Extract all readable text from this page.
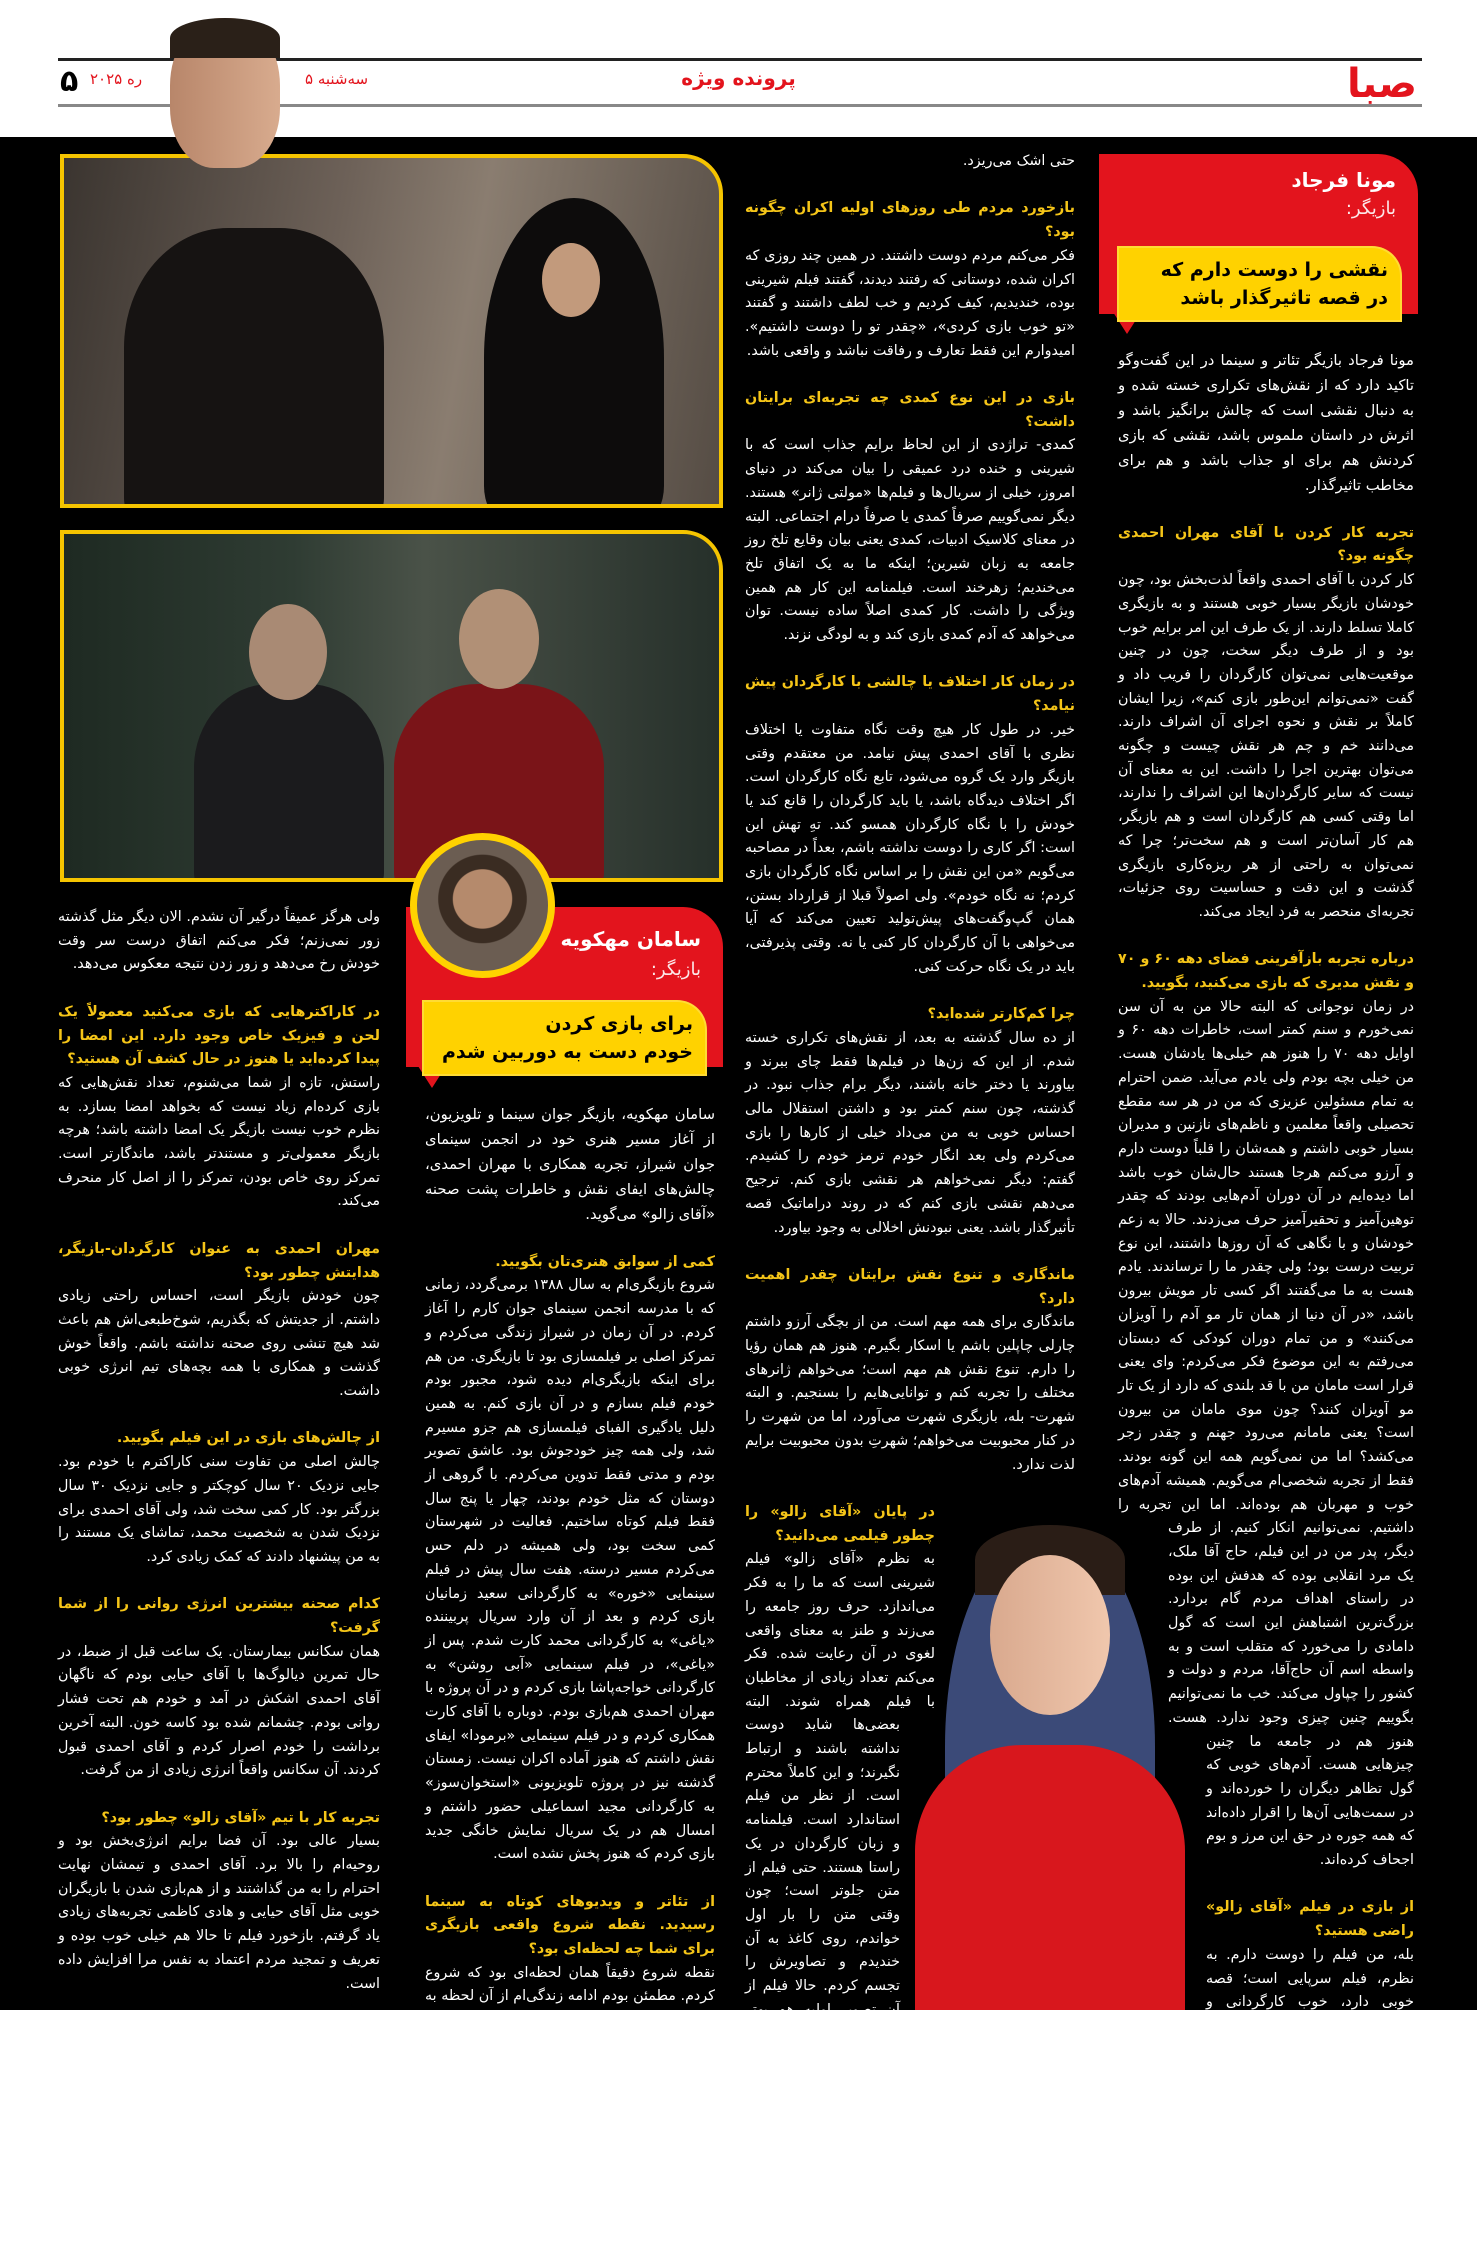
صبا
پرونده ویژه
سه‌شنبه ۵
ره ۲۰۲۵
۵
مونا فرجاد
بازیگر:
نقشی را دوست دارم که
در قصه تاثیرگذار باشد

مونا فرجاد بازیگر تئاتر و سینما در این گفت‌وگو تاکید دارد که از نقش‌های تکراری خسته شده و به دنبال نقشی است که چالش برانگیز باشد و اثرش در داستان ملموس باشد، نقشی که بازی کردنش هم برای او جذاب باشد و هم برای مخاطب تاثیرگذار.

تجربه کار کردن با آقای مهران احمدی چگونه بود؟

کار کردن با آقای احمدی واقعاً لذت‌بخش بود، چون خودشان بازیگر بسیار خوبی هستند و به بازیگری کاملا تسلط دارند. از یک طرف این امر برایم خوب بود و از طرف دیگر سخت، چون در چنین موقعیت‌هایی نمی‌توان کارگردان را فریب داد و گفت «نمی‌توانم این‌طور بازی کنم»، زیرا ایشان کاملاً بر نقش و نحوه اجرای آن اشراف دارند. می‌دانند خم و چم هر نقش چیست و چگونه می‌توان بهترین اجرا را داشت. این به معنای آن نیست که سایر کارگردان‌ها این اشراف را ندارند، اما وقتی کسی هم کارگردان است و هم بازیگر، هم کار آسان‌تر است و هم سخت‌تر؛ چرا که نمی‌توان به راحتی از هر ریزه‌کاری بازیگری گذشت و این دقت و حساسیت روی جزئیات، تجربه‌ای منحصر به فرد ایجاد می‌کند.

درباره تجربه بازآفرینی فضای دهه ۶۰ و ۷۰ و نقش مدیری که بازی می‌کنید، بگویید.

در زمان نوجوانی که البته حالا من به آن سن نمی‌خورم و سنم کمتر است، خاطرات دهه ۶۰ و اوایل دهه ۷۰ را هنوز هم خیلی‌ها یادشان هست. من خیلی بچه بودم ولی یادم می‌آید. ضمن احترام به تمام مسئولین عزیزی که من در هر سه مقطع تحصیلی واقعاً معلمین و ناظم‌های نازنین و مدیران بسیار خوبی داشتم و همه‌شان را قلباً دوست دارم و آرزو می‌کنم هرجا هستند حال‌شان خوب باشد اما دیده‌ایم در آن دوران آدم‌هایی بودند که چقدر توهین‌آمیز و تحقیرآمیز حرف می‌زدند. حالا به زعم خودشان و با نگاهی که آن روزها داشتند، این نوع تربیت درست بود؛ ولی چقدر ما را ترساندند. یادم هست به ما می‌گفتند اگر کسی تار مویش بیرون باشد، «در آن دنیا از همان تار مو آدم را آویزان می‌کنند» و من تمام دوران کودکی که دبستان می‌رفتم به این موضوع فکر می‌کردم: وای یعنی قرار است مامان من با قد بلندی که دارد از یک تار مو آویزان کنند؟ چون موی مامان من بیرون است؟ یعنی مامانم می‌رود جهنم و چقدر زجر می‌کشد؟ اما من نمی‌گویم همه این گونه بودند. فقط از تجربه شخصی‌ام می‌گویم. همیشه آدم‌های خوب و مهربان هم بوده‌اند. اما این تجربه را داشتیم. نمی‌توانیم انکار کنیم. از طرف دیگر، پدر من در این فیلم، حاج آقا ملک، یک مرد انقلابی بوده که هدفش این بوده در راستای اهداف مردم گام بردارد. بزرگ‌ترین اشتباهش این است که گول دامادی را می‌خورد که متقلب است و به واسطه اسم آن حاج‌آقا، مردم و دولت و کشور را چپاول می‌کند. خب ما نمی‌توانیم بگوییم چنین چیزی وجود ندارد. هست. هنوز هم در جامعه ما چنین چیزهایی هست. آدم‌های خوبی که گول تظاهر دیگران را خورده‌اند و در سمت‌هایی آن‌ها را اقرار داده‌اند که همه جوره در حق این مرز و بوم اجحاف کرده‌اند.

از بازی در فیلم «آقای زالو» راضی هستید؟

بله، من فیلم را دوست دارم. به نظرم، فیلم سرپایی است؛ قصه خوبی دارد، خوب کارگردانی و روایت می‌شود. از نظر من بازی‌ها همه تمیز و خوب‌اند. حتی نقش‌هایی که کوتاه‌تر هستند دوست‌داشتنی و ماندگارند. به نظر شخصی من فیلم ما را به فکر می‌برد؛ آدم می‌بیند، فکر می‌کند، جایی غمگین می‌شود و

حتی اشک می‌ریزد.

بازخورد مردم طی روزهای اولیه اکران چگونه بود؟

فکر می‌کنم مردم دوست داشتند. در همین چند روزی که اکران شده، دوستانی که رفتند دیدند، گفتند فیلم شیرینی بوده، خندیدیم، کیف کردیم و خب لطف داشتند و گفتند «تو خوب بازی کردی»، «چقدر تو را دوست داشتیم». امیدوارم این فقط تعارف و رفاقت نباشد و واقعی باشد.

بازی در این نوع کمدی چه تجربه‌ای برایتان داشت؟

کمدی- تراژدی از این لحاظ برایم جذاب است که با شیرینی و خنده درد عمیقی را بیان می‌کند در دنیای امروز، خیلی از سریال‌ها و فیلم‌ها «مولتی ژانر» هستند. دیگر نمی‌گوییم صرفاً کمدی یا صرفاً درام اجتماعی. البته در معنای کلاسیک ادبیات، کمدی یعنی بیان وقایع تلخ روز جامعه به زبان شیرین؛ اینکه ما به یک اتفاق تلخ می‌خندیم؛ زهرخند است. فیلمنامه این کار هم همین ویژگی را داشت. کار کمدی اصلاً ساده نیست. توان می‌خواهد که آدم کمدی بازی کند و به لودگی نزند.

در زمان کار اختلاف یا چالشی با کارگردان پیش نیامد؟

خیر. در طول کار هیچ وقت نگاه متفاوت یا اختلاف نظری با آقای احمدی پیش نیامد. من معتقدم وقتی بازیگر وارد یک گروه می‌شود، تابع نگاه کارگردان است. اگر اختلاف دیدگاه باشد، یا باید کارگردان را قانع کند یا خودش را با نگاه کارگردان همسو کند. تهِ تهش این است: اگر کاری را دوست نداشته باشم، بعداً در مصاحبه می‌گویم «من این نقش را بر اساس نگاه کارگردان بازی کردم؛ نه نگاه خودم». ولی اصولاً قبلا از قرارداد بستن، همان گپ‌وگفت‌های پیش‌تولید تعیین می‌کند که آیا می‌خواهی با آن کارگردان کار کنی یا نه. وقتی پذیرفتی، باید در یک نگاه حرکت کنی.

چرا کم‌کارتر شده‌اید؟

از ده سال گذشته به بعد، از نقش‌های تکراری خسته شدم. از این که زن‌ها در فیلم‌ها فقط چای ببرند و بیاورند یا دختر خانه باشند، دیگر برام جذاب نبود. در گذشته، چون سنم کمتر بود و داشتن استقلال مالی احساس خوبی به من می‌داد خیلی از کارها را بازی می‌کردم ولی بعد انگار خودم ترمز خودم را کشیدم. گفتم: دیگر نمی‌خواهم هر نقشی بازی کنم. ترجیح می‌دهم نقشی بازی کنم که در روند دراماتیک قصه تأثیرگذار باشد. یعنی نبودنش اخلالی به وجود بیاورد.

ماندگاری و تنوع نقش برایتان چقدر اهمیت دارد؟

ماندگاری برای همه مهم است. من از بچگی آرزو داشتم چارلی چاپلین باشم یا اسکار بگیرم. هنوز هم همان رؤیا را دارم. تنوع نقش هم مهم است؛ می‌خواهم ژانرهای مختلف را تجربه کنم و توانایی‌هایم را بسنجیم. و البته شهرت- بله، بازیگری شهرت می‌آورد، اما من شهرت را در کنار محبوبیت می‌خواهم؛ شهرتِ بدون محبوبیت برایم لذت ندارد.

در پایان «آقای زالو» را چطور فیلمی می‌دانید؟

به نظرم «آقای زالو» فیلم شیرینی است که ما را به فکر می‌اندازد. حرف روز جامعه را می‌زند و طنز به معنای واقعی لغوی در آن رعایت شده. فکر می‌کنم تعداد زیادی از مخاطبان با فیلم همراه شوند. البته بعضی‌ها شاید دوست نداشته باشند و ارتباط نگیرند؛ و این کاملاً محترم است. از نظر من فیلم استاندارد است. فیلمنامه و زبان کارگردان در یک راستا هستند. حتی فیلم از متن جلوتر است؛ چون وقتی متن را بار اول خواندم، روی کاغذ به آن خندیدم و تصاویرش را تجسم کردم. حالا فیلم از آن تصویر اولیه هم بهتر شده و این برای من موفقیت است. اگر اشتباه نکنم این فیلم در ۳۱ یا ۳۲ روز با ۳۱ لوکیشن ساخته شده؛ کاری سخت که فقط با همدلی تمام اعضای گروه ممکن بود. بی‌اغراق می‌گویم که این همدلی در همه بود. همه آمده بودند که کار به سرانجام برسد، با حال خوب، با دل خوش. و من این را عمیقاً حس کردم. خلاصه ما با عشق این فیلم را ساختیم. امیدوارم بیننده‌ها ببینند و لذت ببرند.

سامان مهکویه
بازیگر:
برای بازی کردن
خودم دست به دوربین شدم

سامان مهکویه، بازیگر جوان سینما و تلویزیون، از آغاز مسیر هنری خود در انجمن سینمای جوان شیراز، تجربه همکاری با مهران احمدی، چالش‌های ایفای نقش و خاطرات پشت صحنه «آقای زالو» می‌گوید.

کمی از سوابق هنری‌تان بگویید.

شروع بازیگری‌ام به سال ۱۳۸۸ برمی‌گردد، زمانی که با مدرسه انجمن سینمای جوان کارم را آغاز کردم. در آن زمان در شیراز زندگی می‌کردم و تمرکز اصلی بر فیلمسازی بود تا بازیگری. من هم برای اینکه بازیگری‌ام دیده شود، مجبور بودم خودم فیلم بسازم و در آن بازی کنم. به همین دلیل یادگیری الفبای فیلمسازی هم جزو مسیرم شد، ولی همه چیز خودجوش بود. عاشق تصویر بودم و مدتی فقط تدوین می‌کردم. با گروهی از دوستان که مثل خودم بودند، چهار یا پنج سال فقط فیلم کوتاه ساختیم. فعالیت در شهرستان کمی سخت بود، ولی همیشه در دلم حس می‌کردم مسیر درسته. هفت سال پیش در فیلم سینمایی «خوره» به کارگردانی سعید زمانیان بازی کردم و بعد از آن وارد سریال پربیننده «یاغی» به کارگردانی محمد کارت شدم. پس از «یاغی»، در فیلم سینمایی «آبی روشن» به کارگردانی خواجه‌پاشا بازی کردم و در آن پروژه با مهران احمدی هم‌بازی بودم. دوباره با آقای کارت همکاری کردم و در فیلم سینمایی «برمودا» ایفای نقش داشتم که هنوز آماده اکران نیست. زمستان گذشته نیز در پروژه تلویزیونی «استخوان‌سوز» به کارگردانی مجید اسماعیلی حضور داشتم و امسال هم در یک سریال نمایش خانگی جدید بازی کردم که هنوز پخش نشده است.

از تئاتر و ویدیوهای کوتاه به سینما رسیدید. نقطه شروع واقعی بازیگری برای شما چه لحظه‌ای بود؟

نقطه شروع دقیقاً همان لحظه‌ای بود که شروع کردم. مطمئن بودم ادامه زندگی‌ام از آن لحظه به بعد رقم خواهد خورد. چند دوره هم در مسیر تئاتر فعال بودم،

ولی هرگز عمیقاً درگیر آن نشدم. الان دیگر مثل گذشته زور نمی‌زنم؛ فکر می‌کنم اتفاق درست سر وقت خودش رخ می‌دهد و زور زدن نتیجه معکوس می‌دهد.

در کاراکترهایی که بازی می‌کنید معمولاً یک لحن و فیزیک خاص وجود دارد. این امضا را پیدا کرده‌اید یا هنوز در حال کشف آن هستید؟

راستش، تازه از شما می‌شنوم، تعداد نقش‌هایی که بازی کرده‌ام زیاد نیست که بخواهد امضا بسازد. به نظرم خوب نیست بازیگر یک امضا داشته باشد؛ هرچه بازیگر معمولی‌تر و مستندتر باشد، ماندگارتر است. تمرکز روی خاص بودن، تمرکز را از اصل کار منحرف می‌کند.

مهران احمدی به عنوان کارگردان-بازیگر، هدایتش چطور بود؟

چون خودش بازیگر است، احساس راحتی زیادی داشتم. از جدیتش که بگذریم، شوخ‌طبعی‌اش هم باعث شد هیچ تنشی روی صحنه نداشته باشم. واقعاً خوش گذشت و همکاری با همه بچه‌های تیم انرژی خوبی داشت.

از چالش‌های بازی در این فیلم بگویید.

چالش اصلی من تفاوت سنی کاراکترم با خودم بود. جایی نزدیک ۲۰ سال کوچکتر و جایی نزدیک ۳۰ سال بزرگتر بود. کار کمی سخت شد، ولی آقای احمدی برای نزدیک شدن به شخصیت محمد، تماشای یک مستند را به من پیشنهاد دادند که کمک زیادی کرد.

کدام صحنه بیشترین انرژی روانی را از شما گرفت؟

همان سکانس بیمارستان. یک ساعت قبل از ضبط، در حال تمرین دیالوگ‌ها با آقای حیایی بودم که ناگهان آقای احمدی اشکش در آمد و خودم هم تحت فشار روانی بودم. چشمانم شده بود کاسه خون. البته آخرین برداشت را خودم اصرار کردم و آقای احمدی قبول کردند. آن سکانس واقعاً انرژی زیادی از من گرفت.

تجربه کار با تیم «آقای زالو» چطور بود؟

بسیار عالی بود. آن فضا برایم انرژی‌بخش بود و روحیه‌ام را بالا برد. آقای احمدی و تیمشان نهایت احترام را به من گذاشتند و از هم‌بازی شدن با بازیگران خوبی مثل آقای حیایی و هادی کاظمی تجربه‌های زیادی یاد گرفتم. بازخورد فیلم تا حالا هم خیلی خوب بوده و تعریف و تمجید مردم اعتماد به نفس مرا افزایش داده است.
